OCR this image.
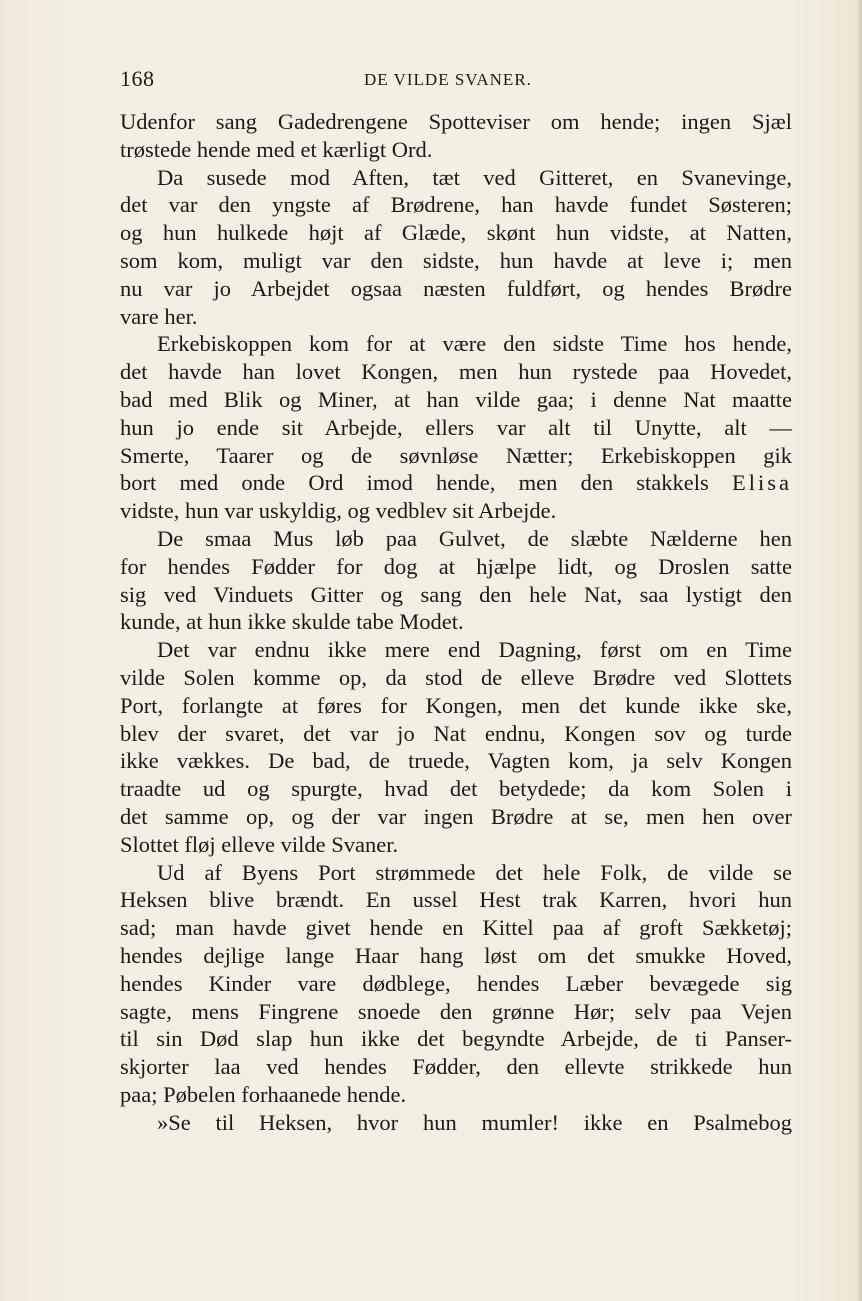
168	DE VILDE SVANER.
Udenfor sang Gadedrengene Spotteviser om hende; ingen Sjæl
trøstede hende med et kærligt Ord.
Da susede mod Aften, tæt ved Gitteret, en Svanevinge,
det var den yngste af Brødrene, han havde fundet Søsteren;
og hun hulkede højt af Glæde, skønt hun vidste, at Natten,
som kom, muligt var den sidste, hun havde at leve i; men
nu var jo Arbejdet ogsaa næsten fuldført, og hendes Brødre
vare her.
Erkebiskoppen kom for at være den sidste Time hos hende,
det havde han lovet Kongen, men hun rystede paa Hovedet,
bad med Blik og Miner, at han vilde gaa; i denne Nat maatte
hun jo ende sit Arbejde, ellers var alt til Unytte, alt —
Smerte, Taarer og de søvnløse Nætter; Erkebiskoppen gik
bort med onde Ord imod hende, men den stakkels Elisa
vidste, hun var uskyldig, og vedblev sit Arbejde.
De smaa Mus løb paa Gulvet, de slæbte Nælderne hen
for hendes Fødder for dog at hjælpe lidt, og Droslen satte
sig ved Vinduets Gitter og sang den hele Nat, saa lystigt den
kunde, at hun ikke skulde tabe Modet.
Det var endnu ikke mere end Dagning, først om en Time
vilde Solen komme op, da stod de elleve Brødre ved Slottets
Port, forlangte at føres for Kongen, men det kunde ikke ske,
blev der svaret, det var jo Nat endnu, Kongen sov og turde
ikke vækkes. De bad, de truede, Vagten kom, ja selv Kongen
traadte ud og spurgte, hvad det betydede; da kom Solen i
det samme op, og der var ingen Brødre at se, men hen over
Slottet fløj elleve vilde Svaner.
Ud af Byens Port strømmede det hele Folk, de vilde se
Heksen blive brændt. En ussel Hest trak Karren, hvori hun
sad; man havde givet hende en Kittel paa af groft Sækketøj;
hendes dejlige lange Haar hang løst om det smukke Hoved,
hendes Kinder vare dødblege, hendes Læber bevægede sig
sagte, mens Fingrene snoede den grønne Hør; selv paa Vejen
til sin Død slap hun ikke det begyndte Arbejde, de ti Panser-
skjorter laa ved hendes Fødder, den ellevte strikkede hun
paa; Pøbelen forhaanede hende.
»Se til Heksen, hvor hun mumler! ikke en Psalmebog
